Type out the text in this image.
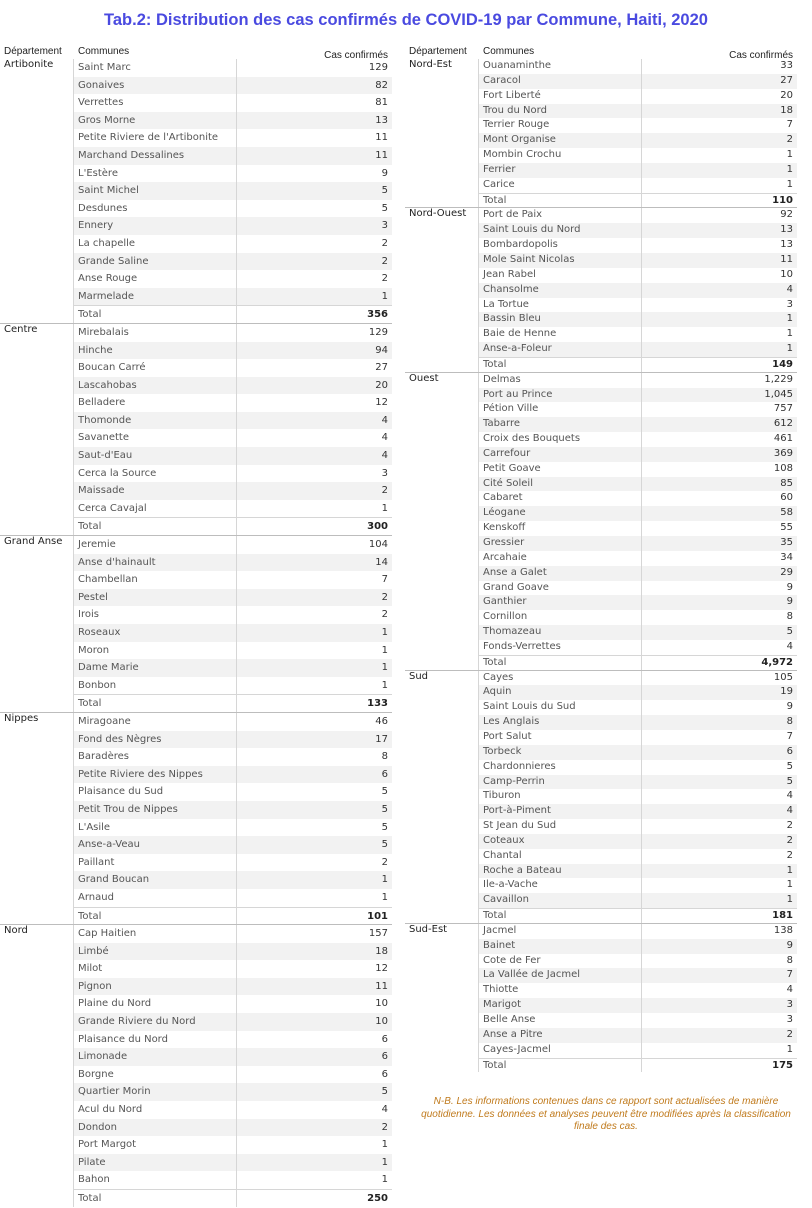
Tab.2: Distribution des cas confirmés de COVID-19 par Commune, Haiti, 2020
Département Communes	Cas confirmés
Artibonite	Saint Marc	129
Gonaives	82
Verrettes	81
Gros Morne	13
Petite Riviere de l'Artibonite	11
Marchand Dessalines	11
L'Estère	9
Saint Michel	5
Desdunes	5
Ennery	3
La chapelle	2
Grande Saline	2
Anse Rouge	2
Marmelade	1
Total	356
Centre	Mirebalais	129
Hinche	94
Boucan Carré	27
Lascahobas	20
Belladere	12
Thomonde	4
Savanette	4
Saut-d'Eau	4
Cerca la Source	3
Maissade	2
Cerca Cavajal	1
Total	300
Grand Anse	Jeremie	104
Anse d'hainault	14
Chambellan	7
Pestel	2
Irois	2
Roseaux	1
Moron	1
Dame Marie	1
Bonbon	1
Total	133
Nippes	Miragoane	46
Fond des Nègres	17
Baradères	8
Petite Riviere des Nippes	6
Plaisance du Sud	5
Petit Trou de Nippes	5
L'Asile	5
Anse-a-Veau	5
Paillant	2
Grand Boucan	1
Arnaud	1
Total	101
Nord	Cap Haitien	157
Limbé	18
Milot	12
Pignon	11
Plaine du Nord	10
Grande Riviere du Nord	10
Plaisance du Nord	6
Limonade	6
Borgne	6
Quartier Morin	5
Acul du Nord	4
Dondon	2
Port Margot	1
Pilate	1
Bahon	1
Total	250
Département Communes	Cas confirmés
Nord-Est	Ouanaminthe	33
Caracol	27
Fort Liberté	20
Trou du Nord	18
Terrier Rouge	7
Mont Organise	2
Mombin Crochu	1
Ferrier	1
Carice	1
Total	110
Nord-Ouest	Port de Paix	92
Saint Louis du Nord	13
Bombardopolis	13
Mole Saint Nicolas	11
Jean Rabel	10
Chansolme	4
La Tortue	3
Bassin Bleu	1
Baie de Henne	1
Anse-a-Foleur	1
Total	149
Ouest	Delmas	1,229
Port au Prince	1,045
Pétion Ville	757
Tabarre	612
Croix des Bouquets	461
Carrefour	369
Petit Goave	108
Cité Soleil	85
Cabaret	60
Léogane	58
Kenskoff	55
Gressier	35
Arcahaie	34
Anse a Galet	29
Grand Goave	9
Ganthier	9
Cornillon	8
Thomazeau	5
Fonds-Verrettes	4
Total	4,972
Sud	Cayes	105
Aquin	19
Saint Louis du Sud	9
Les Anglais	8
Port Salut	7
Torbeck	6
Chardonnieres	5
Camp-Perrin	5
Tiburon	4
Port-à-Piment	4
St Jean du Sud	2
Coteaux	2
Chantal	2
Roche a Bateau	1
Ile-a-Vache	1
Cavaillon	1
Total	181
Sud-Est	Jacmel	138
Bainet	9
Cote de Fer	8
La Vallée de Jacmel	7
Thiotte	4
Marigot	3
Belle Anse	3
Anse a Pitre	2
Cayes-Jacmel	1
Total	175
N-B. Les informations contenues dans ce rapport sont actualisées de manière quotidienne. Les données et analyses peuvent être modifiées après la classification finale des cas.
